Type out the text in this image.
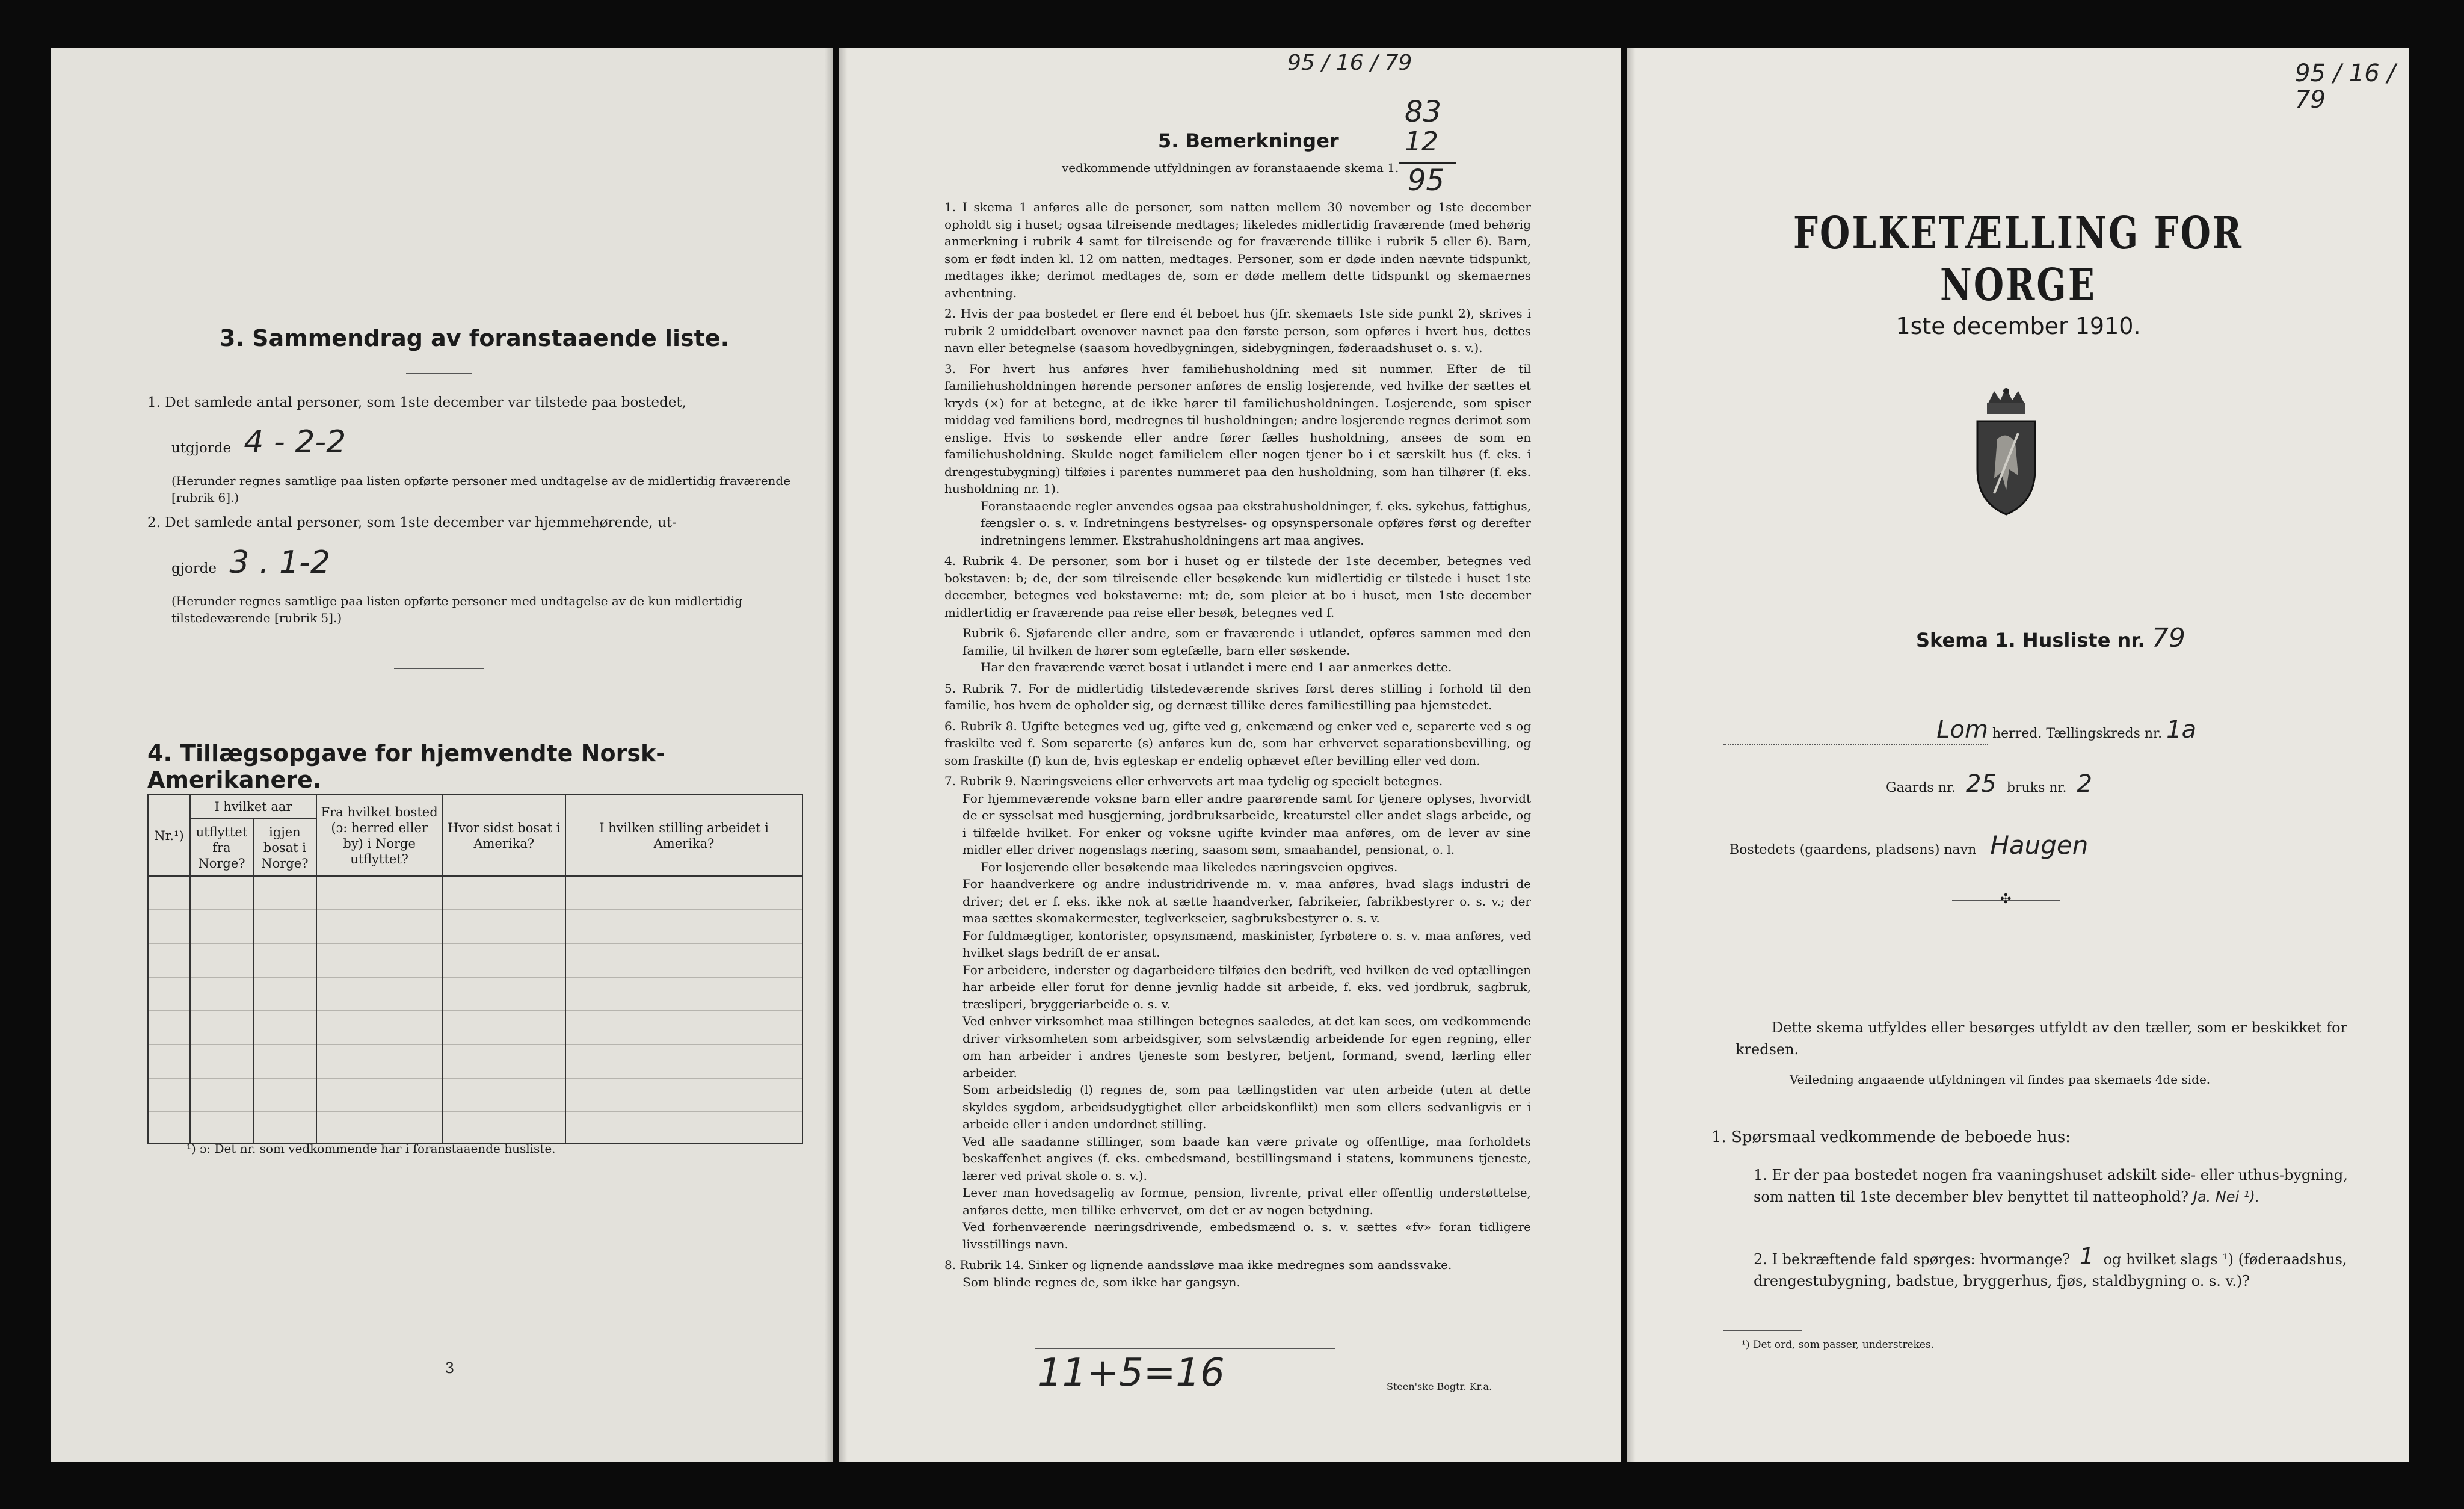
3. Sammendrag av foranstaaende liste.

1. Det samlede antal personer, som 1ste december var tilstede paa bostedet,

utgjorde 4 - 2-2

(Herunder regnes samtlige paa listen opførte personer med undtagelse av de midlertidig fraværende [rubrik 6].)

2. Det samlede antal personer, som 1ste december var hjemmehørende, ut-

gjorde 3 . 1-2

(Herunder regnes samtlige paa listen opførte personer med undtagelse av de kun midlertidig tilstedeværende [rubrik 5].)

4. Tillægsopgave for hjemvendte Norsk-Amerikanere.
Nr.¹)	I hvilket aar		Fra hvilket bosted (ɔ: herred eller by) i Norge utflyttet?	Hvor sidst bosat i Amerika?	I hvilken stilling arbeidet i Amerika?
	utflyttet fra Norge?	igjen bosat i Norge?			

¹) ɔ: Det nr. som vedkommende har i foranstaaende husliste.

3

95 / 16 / 79
83
12
95
5. Bemerkninger

vedkommende utfyldningen av foranstaaende skema 1.

1. I skema 1 anføres alle de personer, som natten mellem 30 november og 1ste december opholdt sig i huset; ogsaa tilreisende medtages; likeledes midlertidig fraværende (med behørig anmerkning i rubrik 4 samt for tilreisende og for fraværende tillike i rubrik 5 eller 6). Barn, som er født inden kl. 12 om natten, medtages. Personer, som er døde inden nævnte tidspunkt, medtages ikke; derimot medtages de, som er døde mellem dette tidspunkt og skemaernes avhentning.

2. Hvis der paa bostedet er flere end ét beboet hus (jfr. skemaets 1ste side punkt 2), skrives i rubrik 2 umiddelbart ovenover navnet paa den første person, som opføres i hvert hus, dettes navn eller betegnelse (saasom hovedbygningen, sidebygningen, føderaadshuset o. s. v.).

3. For hvert hus anføres hver familiehusholdning med sit nummer. Efter de til familiehusholdningen hørende personer anføres de enslig losjerende, ved hvilke der sættes et kryds (×) for at betegne, at de ikke hører til familiehusholdningen. Losjerende, som spiser middag ved familiens bord, medregnes til husholdningen; andre losjerende regnes derimot som enslige. Hvis to søskende eller andre fører fælles husholdning, ansees de som en familiehusholdning. Skulde noget familielem eller nogen tjener bo i et særskilt hus (f. eks. i drengestubygning) tilføies i parentes nummeret paa den husholdning, som han tilhører (f. eks. husholdning nr. 1).

Foranstaaende regler anvendes ogsaa paa ekstrahusholdninger, f. eks. sykehus, fattighus, fængsler o. s. v. Indretningens bestyrelses- og opsynspersonale opføres først og derefter indretningens lemmer. Ekstrahusholdningens art maa angives.

4. Rubrik 4. De personer, som bor i huset og er tilstede der 1ste december, betegnes ved bokstaven: b; de, der som tilreisende eller besøkende kun midlertidig er tilstede i huset 1ste december, betegnes ved bokstaverne: mt; de, som pleier at bo i huset, men 1ste december midlertidig er fraværende paa reise eller besøk, betegnes ved f.

Rubrik 6. Sjøfarende eller andre, som er fraværende i utlandet, opføres sammen med den familie, til hvilken de hører som egtefælle, barn eller søskende.

Har den fraværende været bosat i utlandet i mere end 1 aar anmerkes dette.

5. Rubrik 7. For de midlertidig tilstedeværende skrives først deres stilling i forhold til den familie, hos hvem de opholder sig, og dernæst tillike deres familiestilling paa hjemstedet.

6. Rubrik 8. Ugifte betegnes ved ug, gifte ved g, enkemænd og enker ved e, separerte ved s og fraskilte ved f. Som separerte (s) anføres kun de, som har erhvervet separationsbevilling, og som fraskilte (f) kun de, hvis egteskap er endelig ophævet efter bevilling eller ved dom.

7. Rubrik 9. Næringsveiens eller erhvervets art maa tydelig og specielt betegnes.

For hjemmeværende voksne barn eller andre paarørende samt for tjenere oplyses, hvorvidt de er sysselsat med husgjerning, jordbruksarbeide, kreaturstel eller andet slags arbeide, og i tilfælde hvilket. For enker og voksne ugifte kvinder maa anføres, om de lever av sine midler eller driver nogenslags næring, saasom søm, smaahandel, pensionat, o. l.

For losjerende eller besøkende maa likeledes næringsveien opgives.

For haandverkere og andre industridrivende m. v. maa anføres, hvad slags industri de driver; det er f. eks. ikke nok at sætte haandverker, fabrikeier, fabrikbestyrer o. s. v.; der maa sættes skomakermester, teglverkseier, sagbruksbestyrer o. s. v.

For fuldmægtiger, kontorister, opsynsmænd, maskinister, fyrbøtere o. s. v. maa anføres, ved hvilket slags bedrift de er ansat.

For arbeidere, inderster og dagarbeidere tilføies den bedrift, ved hvilken de ved optællingen har arbeide eller forut for denne jevnlig hadde sit arbeide, f. eks. ved jordbruk, sagbruk, træsliperi, bryggeriarbeide o. s. v.

Ved enhver virksomhet maa stillingen betegnes saaledes, at det kan sees, om vedkommende driver virksomheten som arbeidsgiver, som selvstændig arbeidende for egen regning, eller om han arbeider i andres tjeneste som bestyrer, betjent, formand, svend, lærling eller arbeider.

Som arbeidsledig (l) regnes de, som paa tællingstiden var uten arbeide (uten at dette skyldes sygdom, arbeidsudygtighet eller arbeidskonflikt) men som ellers sedvanligvis er i arbeide eller i anden undordnet stilling.

Ved alle saadanne stillinger, som baade kan være private og offentlige, maa forholdets beskaffenhet angives (f. eks. embedsmand, bestillingsmand i statens, kommunens tjeneste, lærer ved privat skole o. s. v.).

Lever man hovedsagelig av formue, pension, livrente, privat eller offentlig understøttelse, anføres dette, men tillike erhvervet, om det er av nogen betydning.

Ved forhenværende næringsdrivende, embedsmænd o. s. v. sættes «fv» foran tidligere livsstillings navn.

8. Rubrik 14. Sinker og lignende aandssløve maa ikke medregnes som aandssvake.

Som blinde regnes de, som ikke har gangsyn.

11+5=16	Steen'ske Bogtr. Kr.a.

95 / 16 / 79
FOLKETÆLLING FOR NORGE

1ste december 1910.

Skema 1. Husliste nr. 79
Lom herred. Tællingskreds nr. 1a
Gaards nr. 25 bruks nr. 2
Bostedets (gaardens, pladsens) navn Haugen
✣

Dette skema utfyldes eller besørges utfyldt av den tæller, som er beskikket for kredsen.

Veiledning angaaende utfyldningen vil findes paa skemaets 4de side.

1. Spørsmaal vedkommende de beboede hus:

1. Er der paa bostedet nogen fra vaaningshuset adskilt side- eller uthus-bygning, som natten til 1ste december blev benyttet til natteophold? Ja. Nei ¹).

2. I bekræftende fald spørges: hvormange? 1 og hvilket slags ¹) (føderaadshus, drengestubygning, badstue, bryggerhus, fjøs, staldbygning o. s. v.)?

¹) Det ord, som passer, understrekes.
